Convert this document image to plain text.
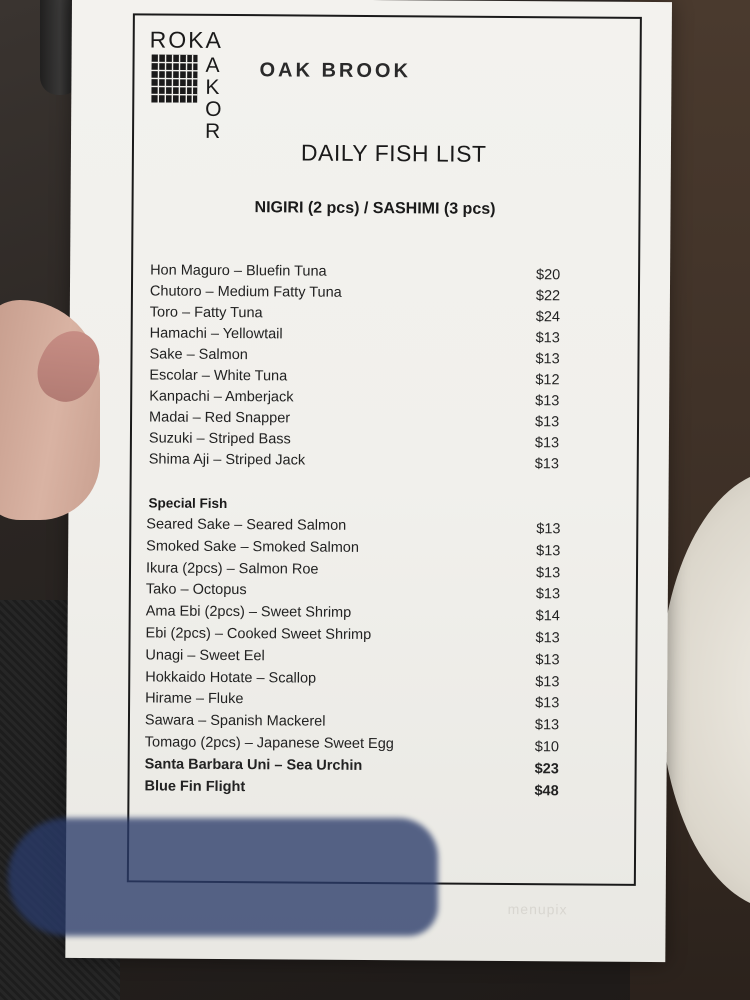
ROKA
A
K
O
R
OAK BROOK
DAILY FISH LIST
NIGIRI (2 pcs) / SASHIMI (3 pcs)
Hon Maguro – Bluefin Tuna	$20
Chutoro – Medium Fatty Tuna	$22
Toro – Fatty Tuna	$24
Hamachi – Yellowtail	$13
Sake – Salmon	$13
Escolar – White Tuna	$12
Kanpachi – Amberjack	$13
Madai – Red Snapper	$13
Suzuki – Striped Bass	$13
Shima Aji – Striped Jack	$13
Special Fish
Seared Sake – Seared Salmon	$13
Smoked Sake – Smoked Salmon	$13
Ikura (2pcs) – Salmon Roe	$13
Tako – Octopus	$13
Ama Ebi (2pcs) – Sweet Shrimp	$14
Ebi (2pcs) – Cooked Sweet Shrimp	$13
Unagi – Sweet Eel	$13
Hokkaido Hotate – Scallop	$13
Hirame – Fluke	$13
Sawara – Spanish Mackerel	$13
Tomago (2pcs) – Japanese Sweet Egg	$10
Santa Barbara Uni – Sea Urchin	$23
Blue Fin Flight	$48
menupix
